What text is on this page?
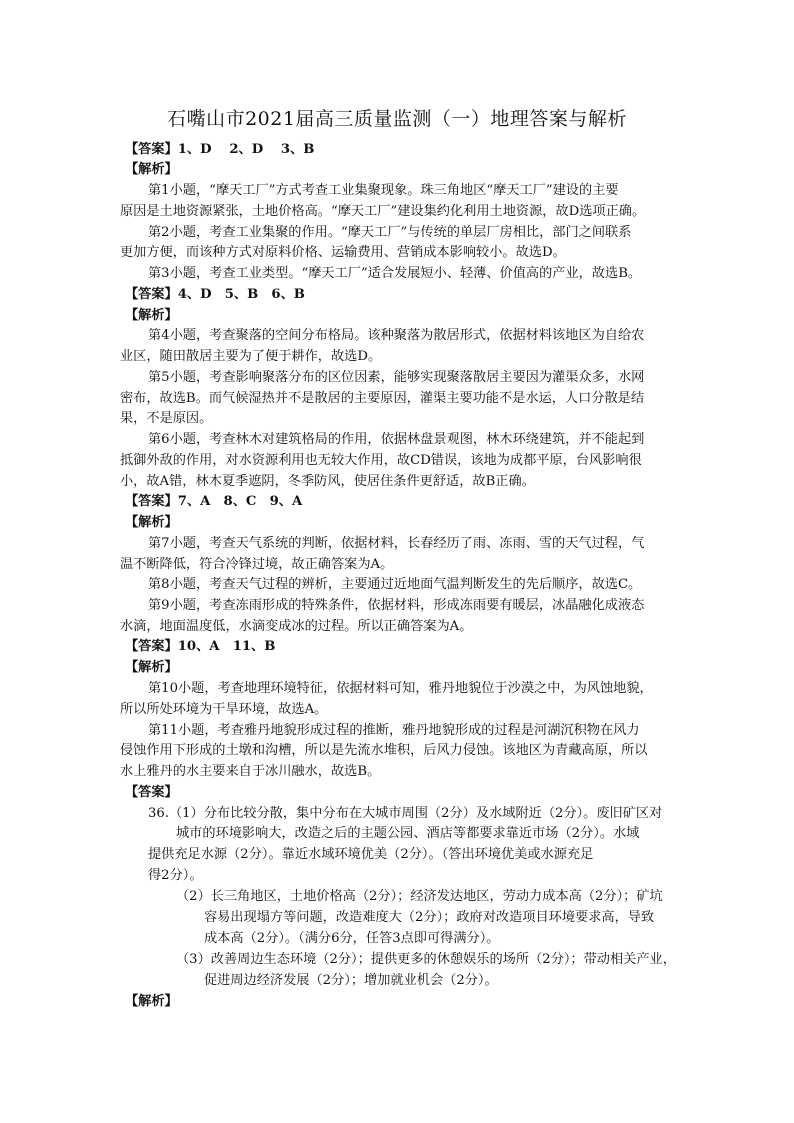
石嘴山市2021届高三质量监测（一）地理答案与解析
【答案】1、D　 2、D　 3、B
【解析】
第1小题，“摩天工厂”方式考查工业集聚现象。珠三角地区“摩天工厂”建设的主要
原因是土地资源紧张，土地价格高。“摩天工厂”建设集约化利用土地资源，故D选项正确。
第2小题，考查工业集聚的作用。“摩天工厂”与传统的单层厂房相比，部门之间联系
更加方便，而该种方式对原料价格、运输费用、营销成本影响较小。故选D。
第3小题，考查工业类型。“摩天工厂”适合发展短小、轻薄、价值高的产业，故选B。
【答案】4、D　5、B　6、B
【解析】
第4小题，考查聚落的空间分布格局。该种聚落为散居形式，依据材料该地区为自给农
业区，随田散居主要为了便于耕作，故选D。
第5小题，考查影响聚落分布的区位因素，能够实现聚落散居主要因为灌渠众多，水网
密布，故选B。而气候湿热并不是散居的主要原因，灌渠主要功能不是水运，人口分散是结
果，不是原因。
第6小题，考查林木对建筑格局的作用，依据林盘景观图，林木环绕建筑，并不能起到
抵御外敌的作用，对水资源利用也无较大作用，故CD错误，该地为成都平原，台风影响很
小，故A错，林木夏季遮阴，冬季防风，使居住条件更舒适，故B正确。
【答案】7、A　8、C　9、A
【解析】
第7小题，考查天气系统的判断，依据材料，长春经历了雨、冻雨、雪的天气过程，气
温不断降低，符合冷锋过境，故正确答案为A。
第8小题，考查天气过程的辨析，主要通过近地面气温判断发生的先后顺序，故选C。
第9小题，考查冻雨形成的特殊条件，依据材料，形成冻雨要有暖层，冰晶融化成液态
水滴，地面温度低，水滴变成冰的过程。所以正确答案为A。
【答案】10、A　11、B
【解析】
第10小题，考查地理环境特征，依据材料可知，雅丹地貌位于沙漠之中，为风蚀地貌，
所以所处环境为干旱环境，故选A。
第11小题，考查雅丹地貌形成过程的推断，雅丹地貌形成的过程是河湖沉积物在风力
侵蚀作用下形成的土墩和沟槽，所以是先流水堆积，后风力侵蚀。该地区为青藏高原，所以
水上雅丹的水主要来自于冰川融水，故选B。
【答案】
36.（1）分布比较分散，集中分布在大城市周围（2分）及水域附近（2分）。废旧矿区对
城市的环境影响大，改造之后的主题公园、酒店等都要求靠近市场（2分）。水域
提供充足水源（2分）。靠近水域环境优美（2分）。（答出环境优美或水源充足
得2分）。
（2）长三角地区，土地价格高（2分）；经济发达地区，劳动力成本高（2分）；矿坑
容易出现塌方等问题，改造难度大（2分）；政府对改造项目环境要求高，导致
成本高（2分）。（满分6分，任答3点即可得满分）。
（3）改善周边生态环境（2分）；提供更多的休憩娱乐的场所（2分）；带动相关产业，
促进周边经济发展（2分）；增加就业机会（2分）。
【解析】
